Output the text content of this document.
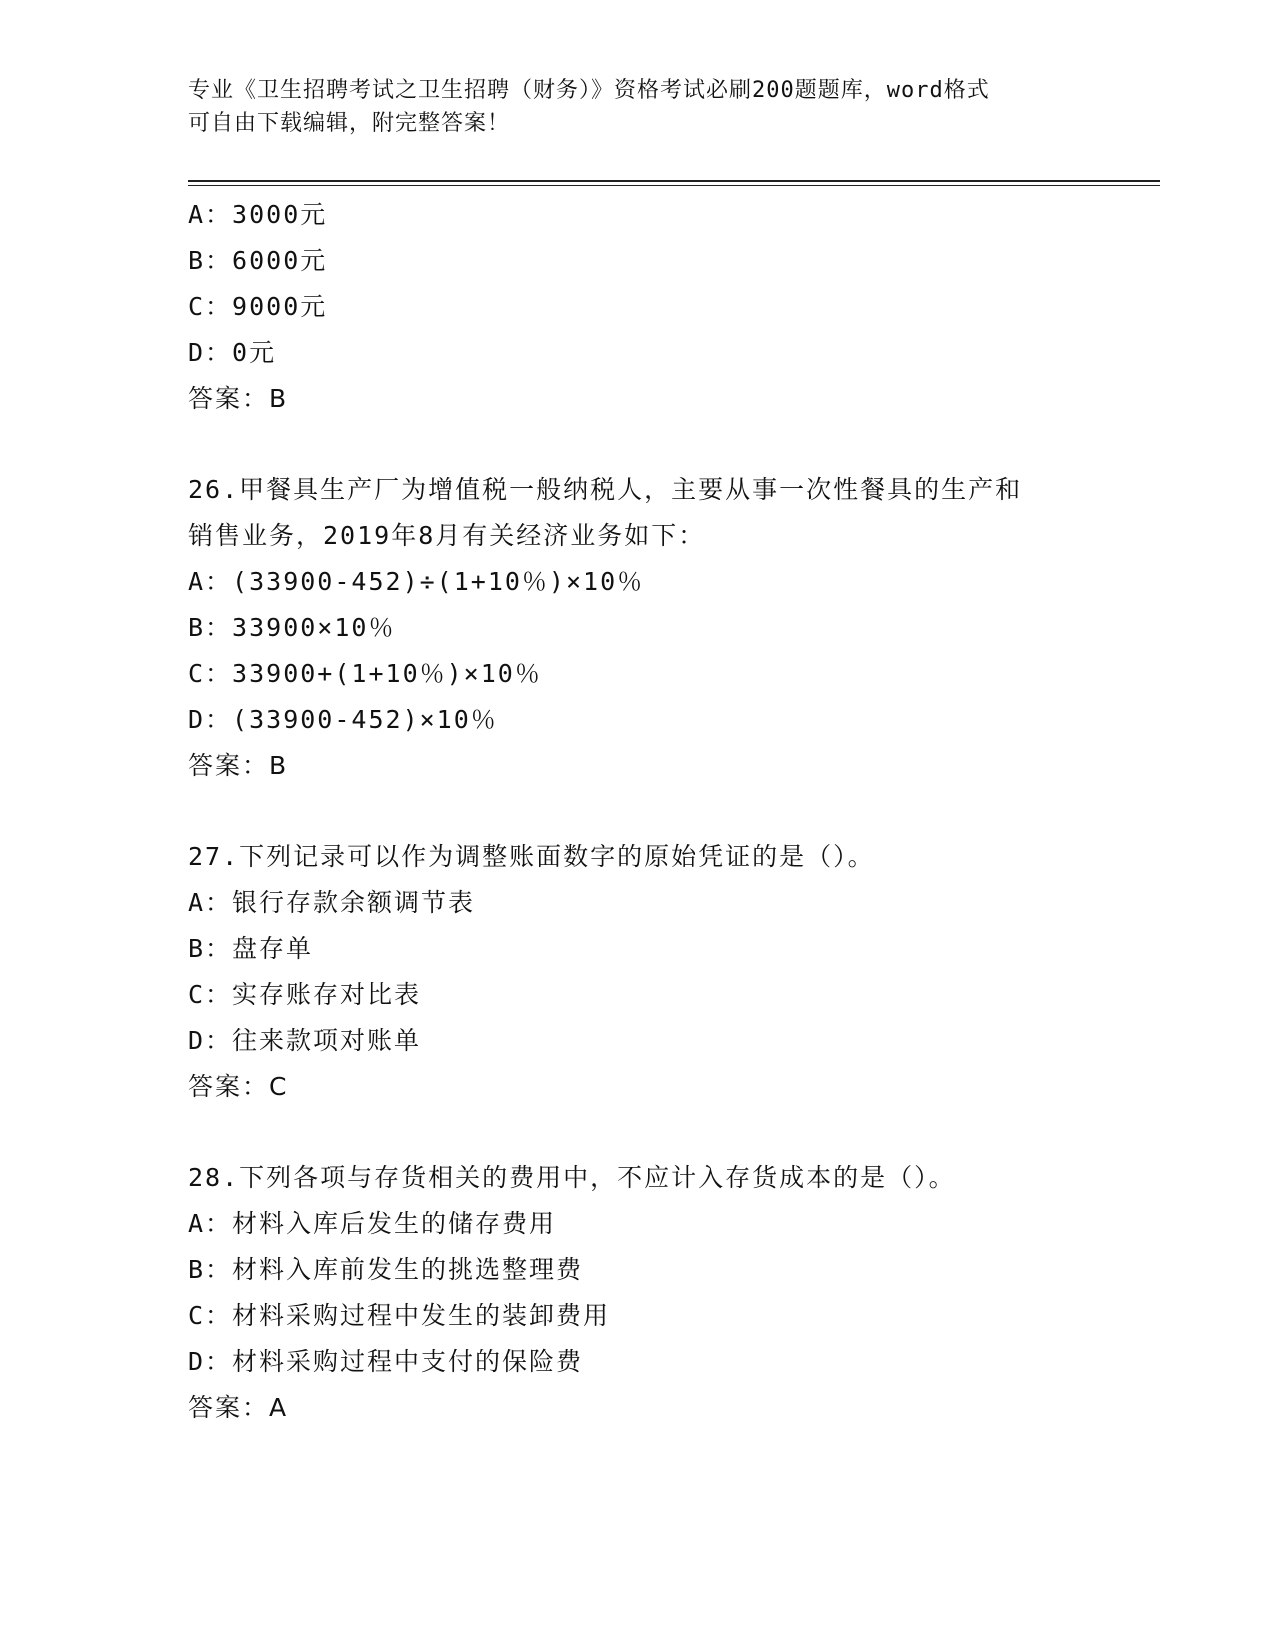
专业《卫生招聘考试之卫生招聘（财务）》资格考试必刷200题题库，word格式
可自由下载编辑，附完整答案！
A：3000元
B：6000元
C：9000元
D：0元
答案：B
26.甲餐具生产厂为增值税一般纳税人，主要从事一次性餐具的生产和
销售业务，2019年8月有关经济业务如下：
A：(33900-452)÷(1+10％)×10％
B：33900×10％
C：33900+(1+10％)×10％
D：(33900-452)×10％
答案：B
27.下列记录可以作为调整账面数字的原始凭证的是（）。
A：银行存款余额调节表
B：盘存单
C：实存账存对比表
D：往来款项对账单
答案：C
28.下列各项与存货相关的费用中，不应计入存货成本的是（）。
A：材料入库后发生的储存费用
B：材料入库前发生的挑选整理费
C：材料采购过程中发生的装卸费用
D：材料采购过程中支付的保险费
答案：A
